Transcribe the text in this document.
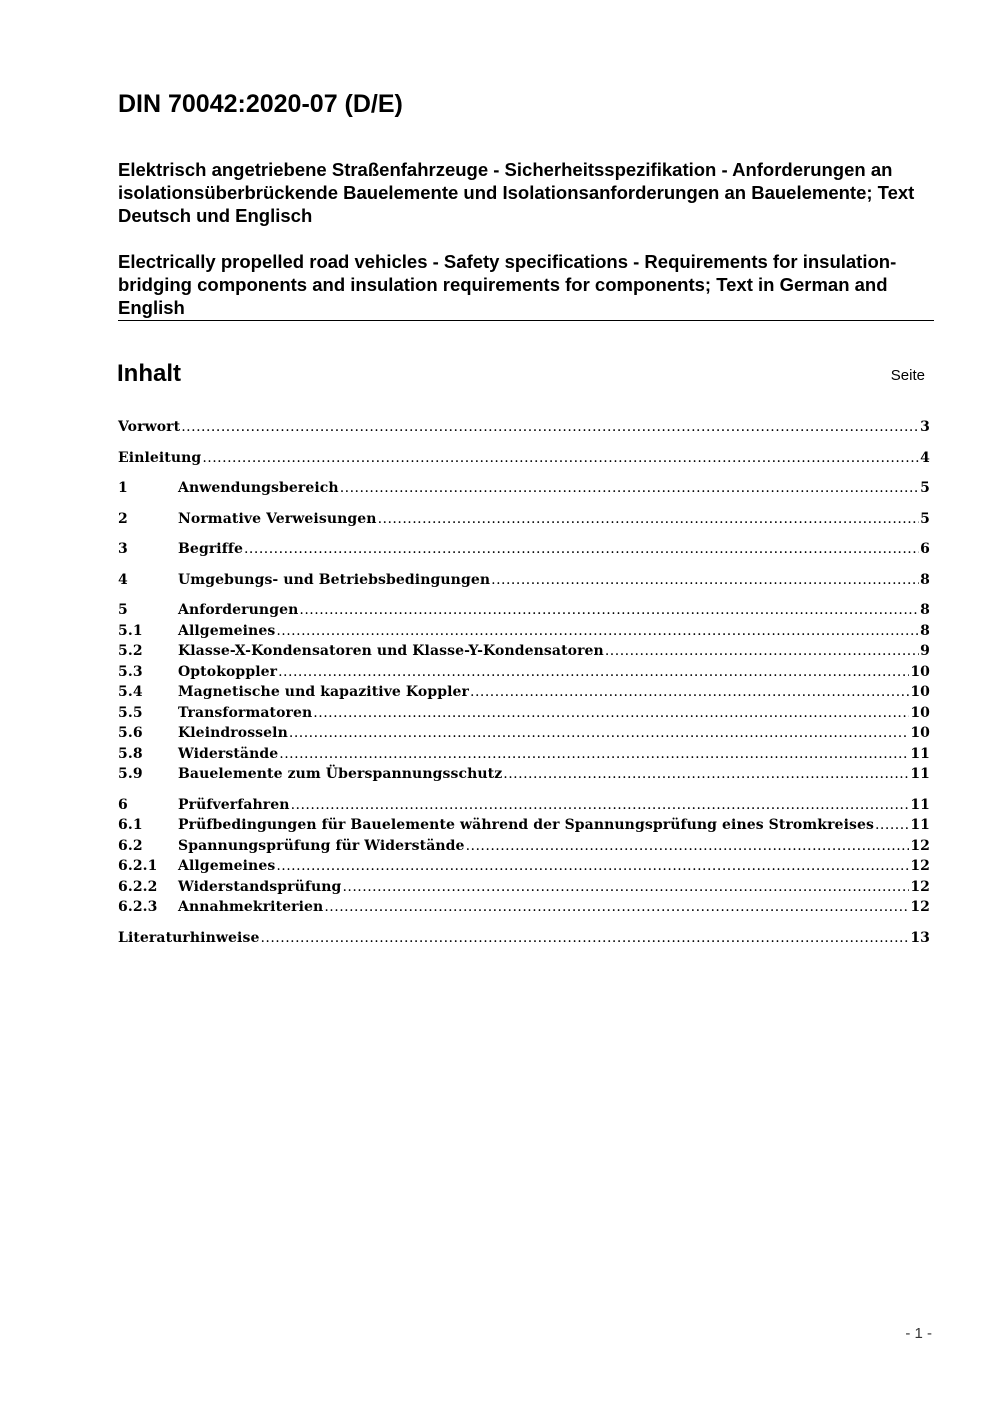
DIN 70042:2020-07 (D/E)

Elektrisch angetriebene Straßenfahrzeuge - Sicherheitsspezifikation - Anforderungen an isolationsüberbrückende Bauelemente und Isolationsanforderungen an Bauelemente; Text Deutsch und Englisch

Electrically propelled road vehicles - Safety specifications - Requirements for insulation-bridging components and insulation requirements for components; Text in German and English

Inhalt	Seite
Vorwort .....	3
Einleitung .....	4
1	Anwendungsbereich .....	5
2	Normative Verweisungen .....	5
3	Begriffe .....	6
4	Umgebungs- und Betriebsbedingungen .....	8
5	Anforderungen .....	8
5.1	Allgemeines .....	8
5.2	Klasse-X-Kondensatoren und Klasse-Y-Kondensatoren .....	9
5.3	Optokoppler .....	10
5.4	Magnetische und kapazitive Koppler .....	10
5.5	Transformatoren .....	10
5.6	Kleindrosseln .....	10
5.8	Widerstände .....	11
5.9	Bauelemente zum Überspannungsschutz .....	11
6	Prüfverfahren .....	11
6.1	Prüfbedingungen für Bauelemente während der Spannungsprüfung eines Stromkreises .....	11
6.2	Spannungsprüfung für Widerstände .....	12
6.2.1	Allgemeines .....	12
6.2.2	Widerstandsprüfung .....	12
6.2.3	Annahmekriterien .....	12
Literaturhinweise .....	13
- 1 -
